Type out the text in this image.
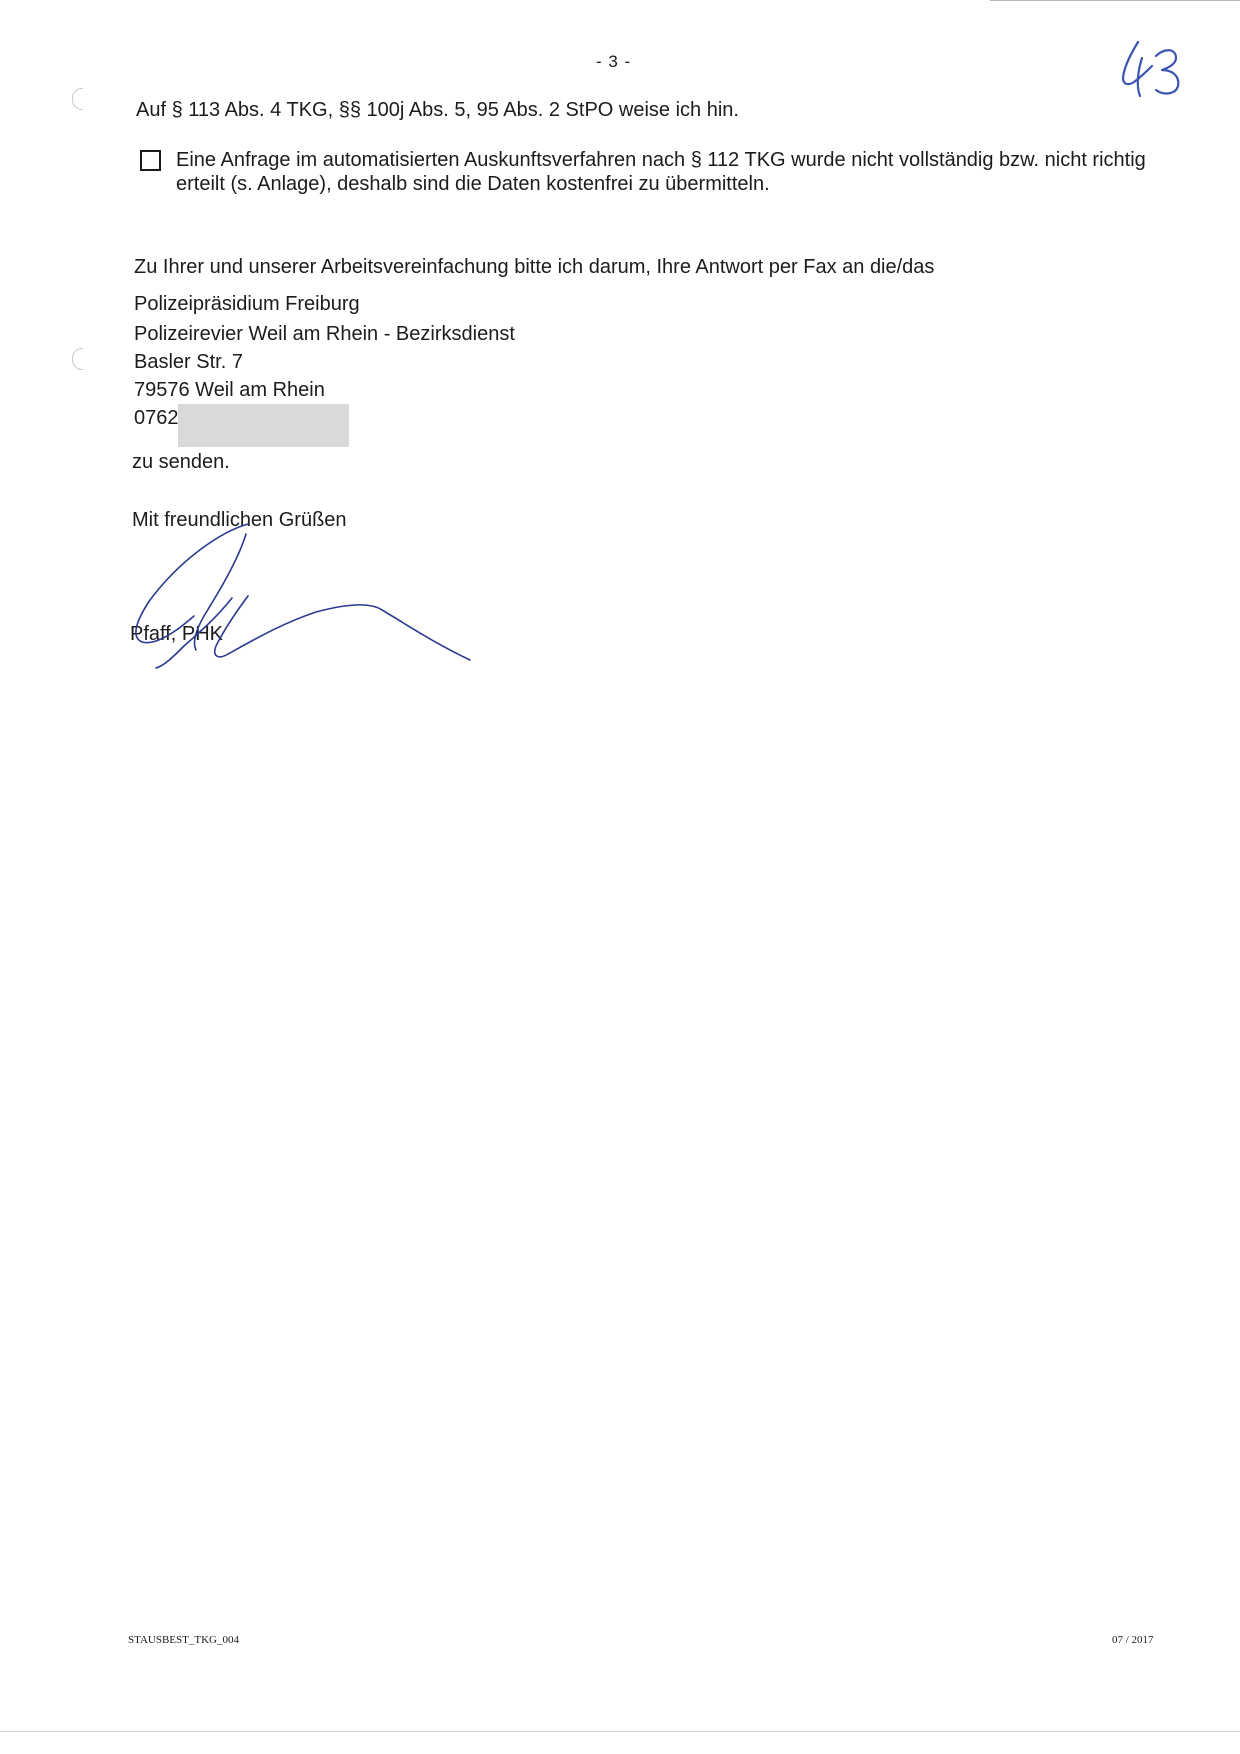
- 3 -
Auf § 113 Abs. 4 TKG, §§ 100j Abs. 5, 95 Abs. 2 StPO weise ich hin.
Eine Anfrage im automatisierten Auskunftsverfahren nach § 112 TKG wurde nicht vollständig bzw. nicht richtig erteilt (s. Anlage), deshalb sind die Daten kostenfrei zu übermitteln.
Zu Ihrer und unserer Arbeitsvereinfachung bitte ich darum, Ihre Antwort per Fax an die/das
Polizeipräsidium Freiburg
Polizeirevier Weil am Rhein - Bezirksdienst
Basler Str. 7
79576 Weil am Rhein
0762
zu senden.
Mit freundlichen Grüßen
Pfaff, PHK
STAUSBEST_TKG_004	07 / 2017
